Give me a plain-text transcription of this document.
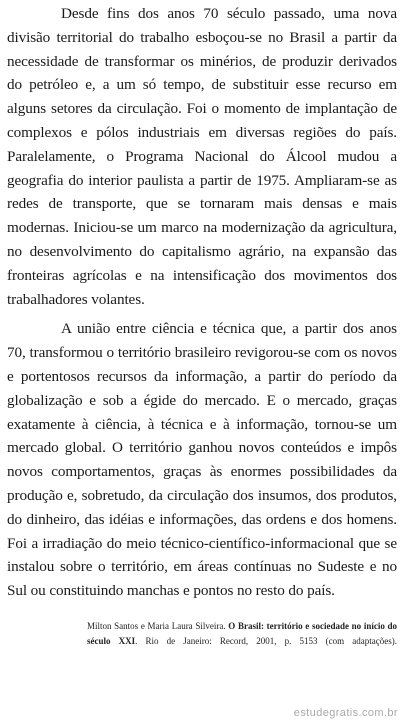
Desde fins dos anos 70 século passado, uma nova divisão territorial do trabalho esboçou-se no Brasil a partir da necessidade de transformar os minérios, de produzir derivados do petróleo e, a um só tempo, de substituir esse recurso em alguns setores da circulação. Foi o momento de implantação de complexos e pólos industriais em diversas regiões do país. Paralelamente, o Programa Nacional do Álcool mudou a geografia do interior paulista a partir de 1975. Ampliaram-se as redes de transporte, que se tornaram mais densas e mais modernas. Iniciou-se um marco na modernização da agricultura, no desenvolvimento do capitalismo agrário, na expansão das fronteiras agrícolas e na intensificação dos movimentos dos trabalhadores volantes.

A união entre ciência e técnica que, a partir dos anos 70, transformou o território brasileiro revigorou-se com os novos e portentosos recursos da informação, a partir do período da globalização e sob a égide do mercado. E o mercado, graças exatamente à ciência, à técnica e à informação, tornou-se um mercado global. O território ganhou novos conteúdos e impôs novos comportamentos, graças às enormes possibilidades da produção e, sobretudo, da circulação dos insumos, dos produtos, do dinheiro, das idéias e informações, das ordens e dos homens. Foi a irradiação do meio técnico-científico-informacional que se instalou sobre o território, em áreas contínuas no Sudeste e no Sul ou constituindo manchas e pontos no resto do país.

Milton Santos e Maria Laura Silveira. O Brasil: território e sociedade no início do século XXI. Rio de Janeiro: Record, 2001, p. 5153 (com adaptações).

estudegratis.com.br
